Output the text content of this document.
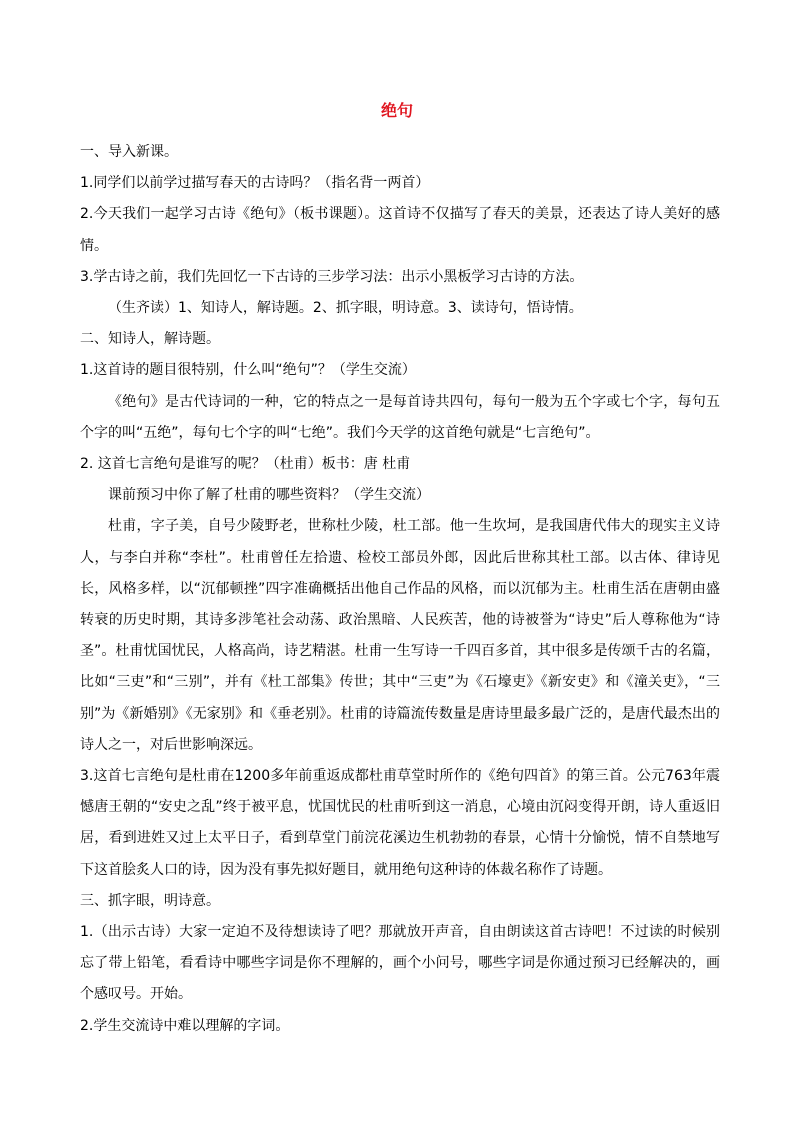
绝句

一、导入新课。

1.同学们以前学过描写春天的古诗吗？（指名背一两首）

2.今天我们一起学习古诗《绝句》（板书课题）。这首诗不仅描写了春天的美景，还表达了诗人美好的感情。

3.学古诗之前，我们先回忆一下古诗的三步学习法：出示小黑板学习古诗的方法。

（生齐读）1、知诗人，解诗题。2、抓字眼，明诗意。3、读诗句，悟诗情。

二、知诗人，解诗题。

1.这首诗的题目很特别，什么叫“绝句”？（学生交流）

《绝句》是古代诗词的一种，它的特点之一是每首诗共四句，每句一般为五个字或七个字，每句五个字的叫“五绝”，每句七个字的叫“七绝”。我们今天学的这首绝句就是“七言绝句”。

2. 这首七言绝句是谁写的呢？（杜甫）板书：唐 杜甫

课前预习中你了解了杜甫的哪些资料？（学生交流）

杜甫，字子美，自号少陵野老，世称杜少陵，杜工部。他一生坎坷，是我国唐代伟大的现实主义诗人，与李白并称“李杜”。杜甫曾任左拾遗、检校工部员外郎，因此后世称其杜工部。以古体、律诗见长，风格多样，以“沉郁顿挫”四字准确概括出他自己作品的风格，而以沉郁为主。杜甫生活在唐朝由盛转衰的历史时期，其诗多涉笔社会动荡、政治黑暗、人民疾苦，他的诗被誉为“诗史”后人尊称他为“诗圣”。杜甫忧国忧民，人格高尚，诗艺精湛。杜甫一生写诗一千四百多首，其中很多是传颂千古的名篇，比如“三吏”和“三别”，并有《杜工部集》传世；其中“三吏”为《石壕吏》《新安吏》和《潼关吏》，“三别”为《新婚别》《无家别》和《垂老别》。杜甫的诗篇流传数量是唐诗里最多最广泛的，是唐代最杰出的诗人之一，对后世影响深远。

3.这首七言绝句是杜甫在1200多年前重返成都杜甫草堂时所作的《绝句四首》的第三首。公元763年震憾唐王朝的“安史之乱”终于被平息，忧国忧民的杜甫听到这一消息，心境由沉闷变得开朗，诗人重返旧居，看到进姓又过上太平日子，看到草堂门前浣花溪边生机勃勃的春景，心情十分愉悦，情不自禁地写下这首脍炙人口的诗，因为没有事先拟好题目，就用绝句这种诗的体裁名称作了诗题。

三、抓字眼，明诗意。

1.（出示古诗）大家一定迫不及待想读诗了吧？那就放开声音，自由朗读这首古诗吧！不过读的时候别忘了带上铅笔，看看诗中哪些字词是你不理解的，画个小问号，哪些字词是你通过预习已经解决的，画个感叹号。开始。

2.学生交流诗中难以理解的字词。
